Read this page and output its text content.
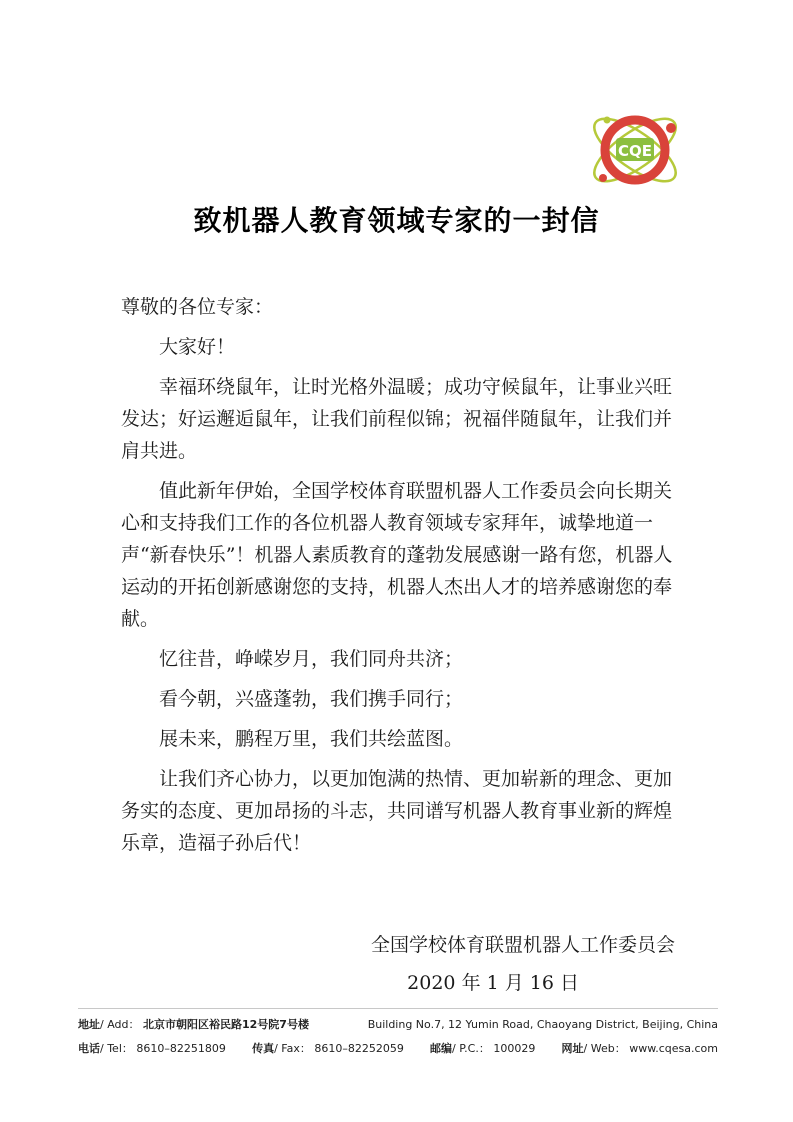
CQE
致机器人教育领域专家的一封信

尊敬的各位专家：

大家好！

幸福环绕鼠年，让时光格外温暖；成功守候鼠年，让事业兴旺发达；好运邂逅鼠年，让我们前程似锦；祝福伴随鼠年，让我们并肩共进。

值此新年伊始，全国学校体育联盟机器人工作委员会向长期关心和支持我们工作的各位机器人教育领域专家拜年，诚挚地道一声“新春快乐”！机器人素质教育的蓬勃发展感谢一路有您，机器人运动的开拓创新感谢您的支持，机器人杰出人才的培养感谢您的奉献。

忆往昔，峥嵘岁月，我们同舟共济；

看今朝，兴盛蓬勃，我们携手同行；

展未来，鹏程万里，我们共绘蓝图。

让我们齐心协力，以更加饱满的热情、更加崭新的理念、更加务实的态度、更加昂扬的斗志，共同谱写机器人教育事业新的辉煌乐章，造福子孙后代！

全国学校体育联盟机器人工作委员会
2020 年 1 月 16 日
地址/ Add： 北京市朝阳区裕民路12号院7号楼	Building No.7, 12 Yumin Road, Chaoyang District, Beijing, China
电话/ Tel： 8610–82251809 传真/ Fax： 8610–82252059 邮编/ P.C.： 100029 网址/ Web： www.cqesa.com
